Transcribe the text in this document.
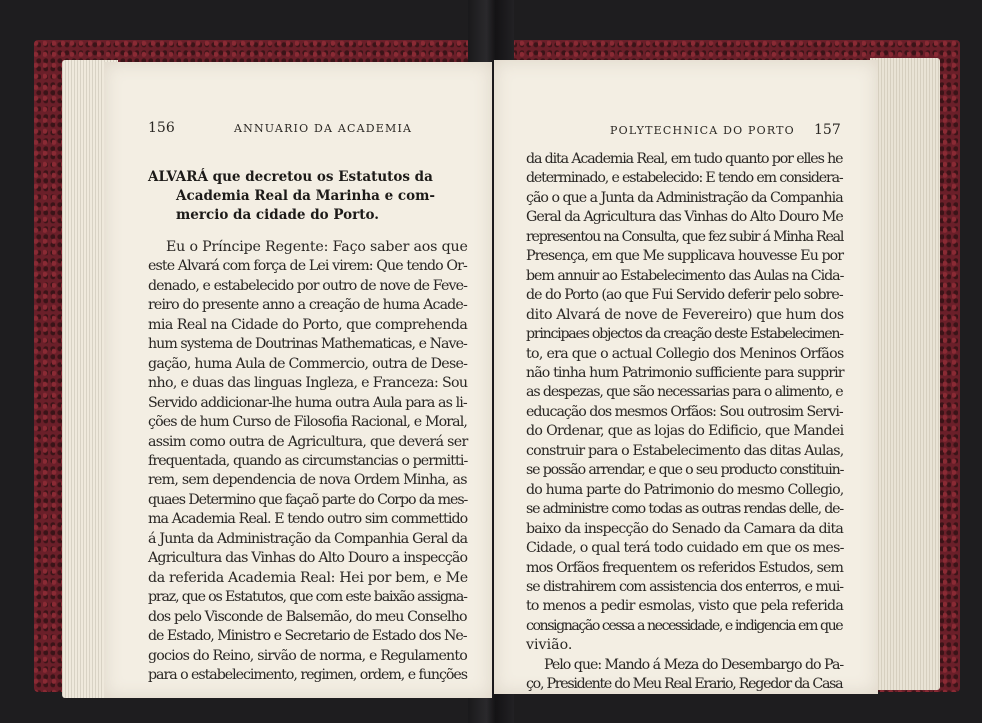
156	ANNUARIO DA ACADEMIA
ALVARÁ que decretou os Estatutos da
Academia Real da Marinha e com-
mercio da cidade do Porto.
Eu o Príncipe Regente: Faço saber aos que
este Alvará com força de Lei virem: Que tendo Or-
denado, e estabelecido por outro de nove de Feve-
reiro do presente anno a creação de huma Acade-
mia Real na Cidade do Porto, que comprehenda
hum systema de Doutrinas Mathematicas, e Nave-
gação, huma Aula de Commercio, outra de Dese-
nho, e duas das linguas Ingleza, e Franceza: Sou
Servido addicionar-lhe huma outra Aula para as li-
ções de hum Curso de Filosofia Racional, e Moral,
assim como outra de Agricultura, que deverá ser
frequentada, quando as circumstancias o permitti-
rem, sem dependencia de nova Ordem Minha, as
quaes Determino que façaõ parte do Corpo da mes-
ma Academia Real. E tendo outro sim commettido
á Junta da Administração da Companhia Geral da
Agricultura das Vinhas do Alto Douro a inspecção
da referida Academia Real: Hei por bem, e Me
praz, que os Estatutos, que com este baixão assigna-
dos pelo Visconde de Balsemão, do meu Conselho
de Estado, Ministro e Secretario de Estado dos Ne-
gocios do Reino, sirvão de norma, e Regulamento
para o estabelecimento, regimen, ordem, e funções
POLYTECHNICA DO PORTO 157
da dita Academia Real, em tudo quanto por elles he
determinado, e estabelecido: E tendo em considera-
ção o que a Junta da Administração da Companhia
Geral da Agricultura das Vinhas do Alto Douro Me
representou na Consulta, que fez subir á Minha Real
Presença, em que Me supplicava houvesse Eu por
bem annuir ao Estabelecimento das Aulas na Cida-
de do Porto (ao que Fui Servido deferir pelo sobre-
dito Alvará de nove de Fevereiro) que hum dos
principaes objectos da creação deste Estabelecimen-
to, era que o actual Collegio dos Meninos Orfãos
não tinha hum Patrimonio sufficiente para supprir
as despezas, que são necessarias para o alimento, e
educação dos mesmos Orfãos: Sou outrosim Servi-
do Ordenar, que as lojas do Edificio, que Mandei
construir para o Estabelecimento das ditas Aulas,
se possão arrendar, e que o seu producto constituin-
do huma parte do Patrimonio do mesmo Collegio,
se administre como todas as outras rendas delle, de-
baixo da inspecção do Senado da Camara da dita
Cidade, o qual terá todo cuidado em que os mes-
mos Orfãos frequentem os referidos Estudos, sem
se distrahirem com assistencia dos enterros, e mui-
to menos a pedir esmolas, visto que pela referida
consignação cessa a necessidade, e indigencia em que
vivião.
Pelo que: Mando á Meza do Desembargo do Pa-
ço, Presidente do Meu Real Erario, Regedor da Casa
